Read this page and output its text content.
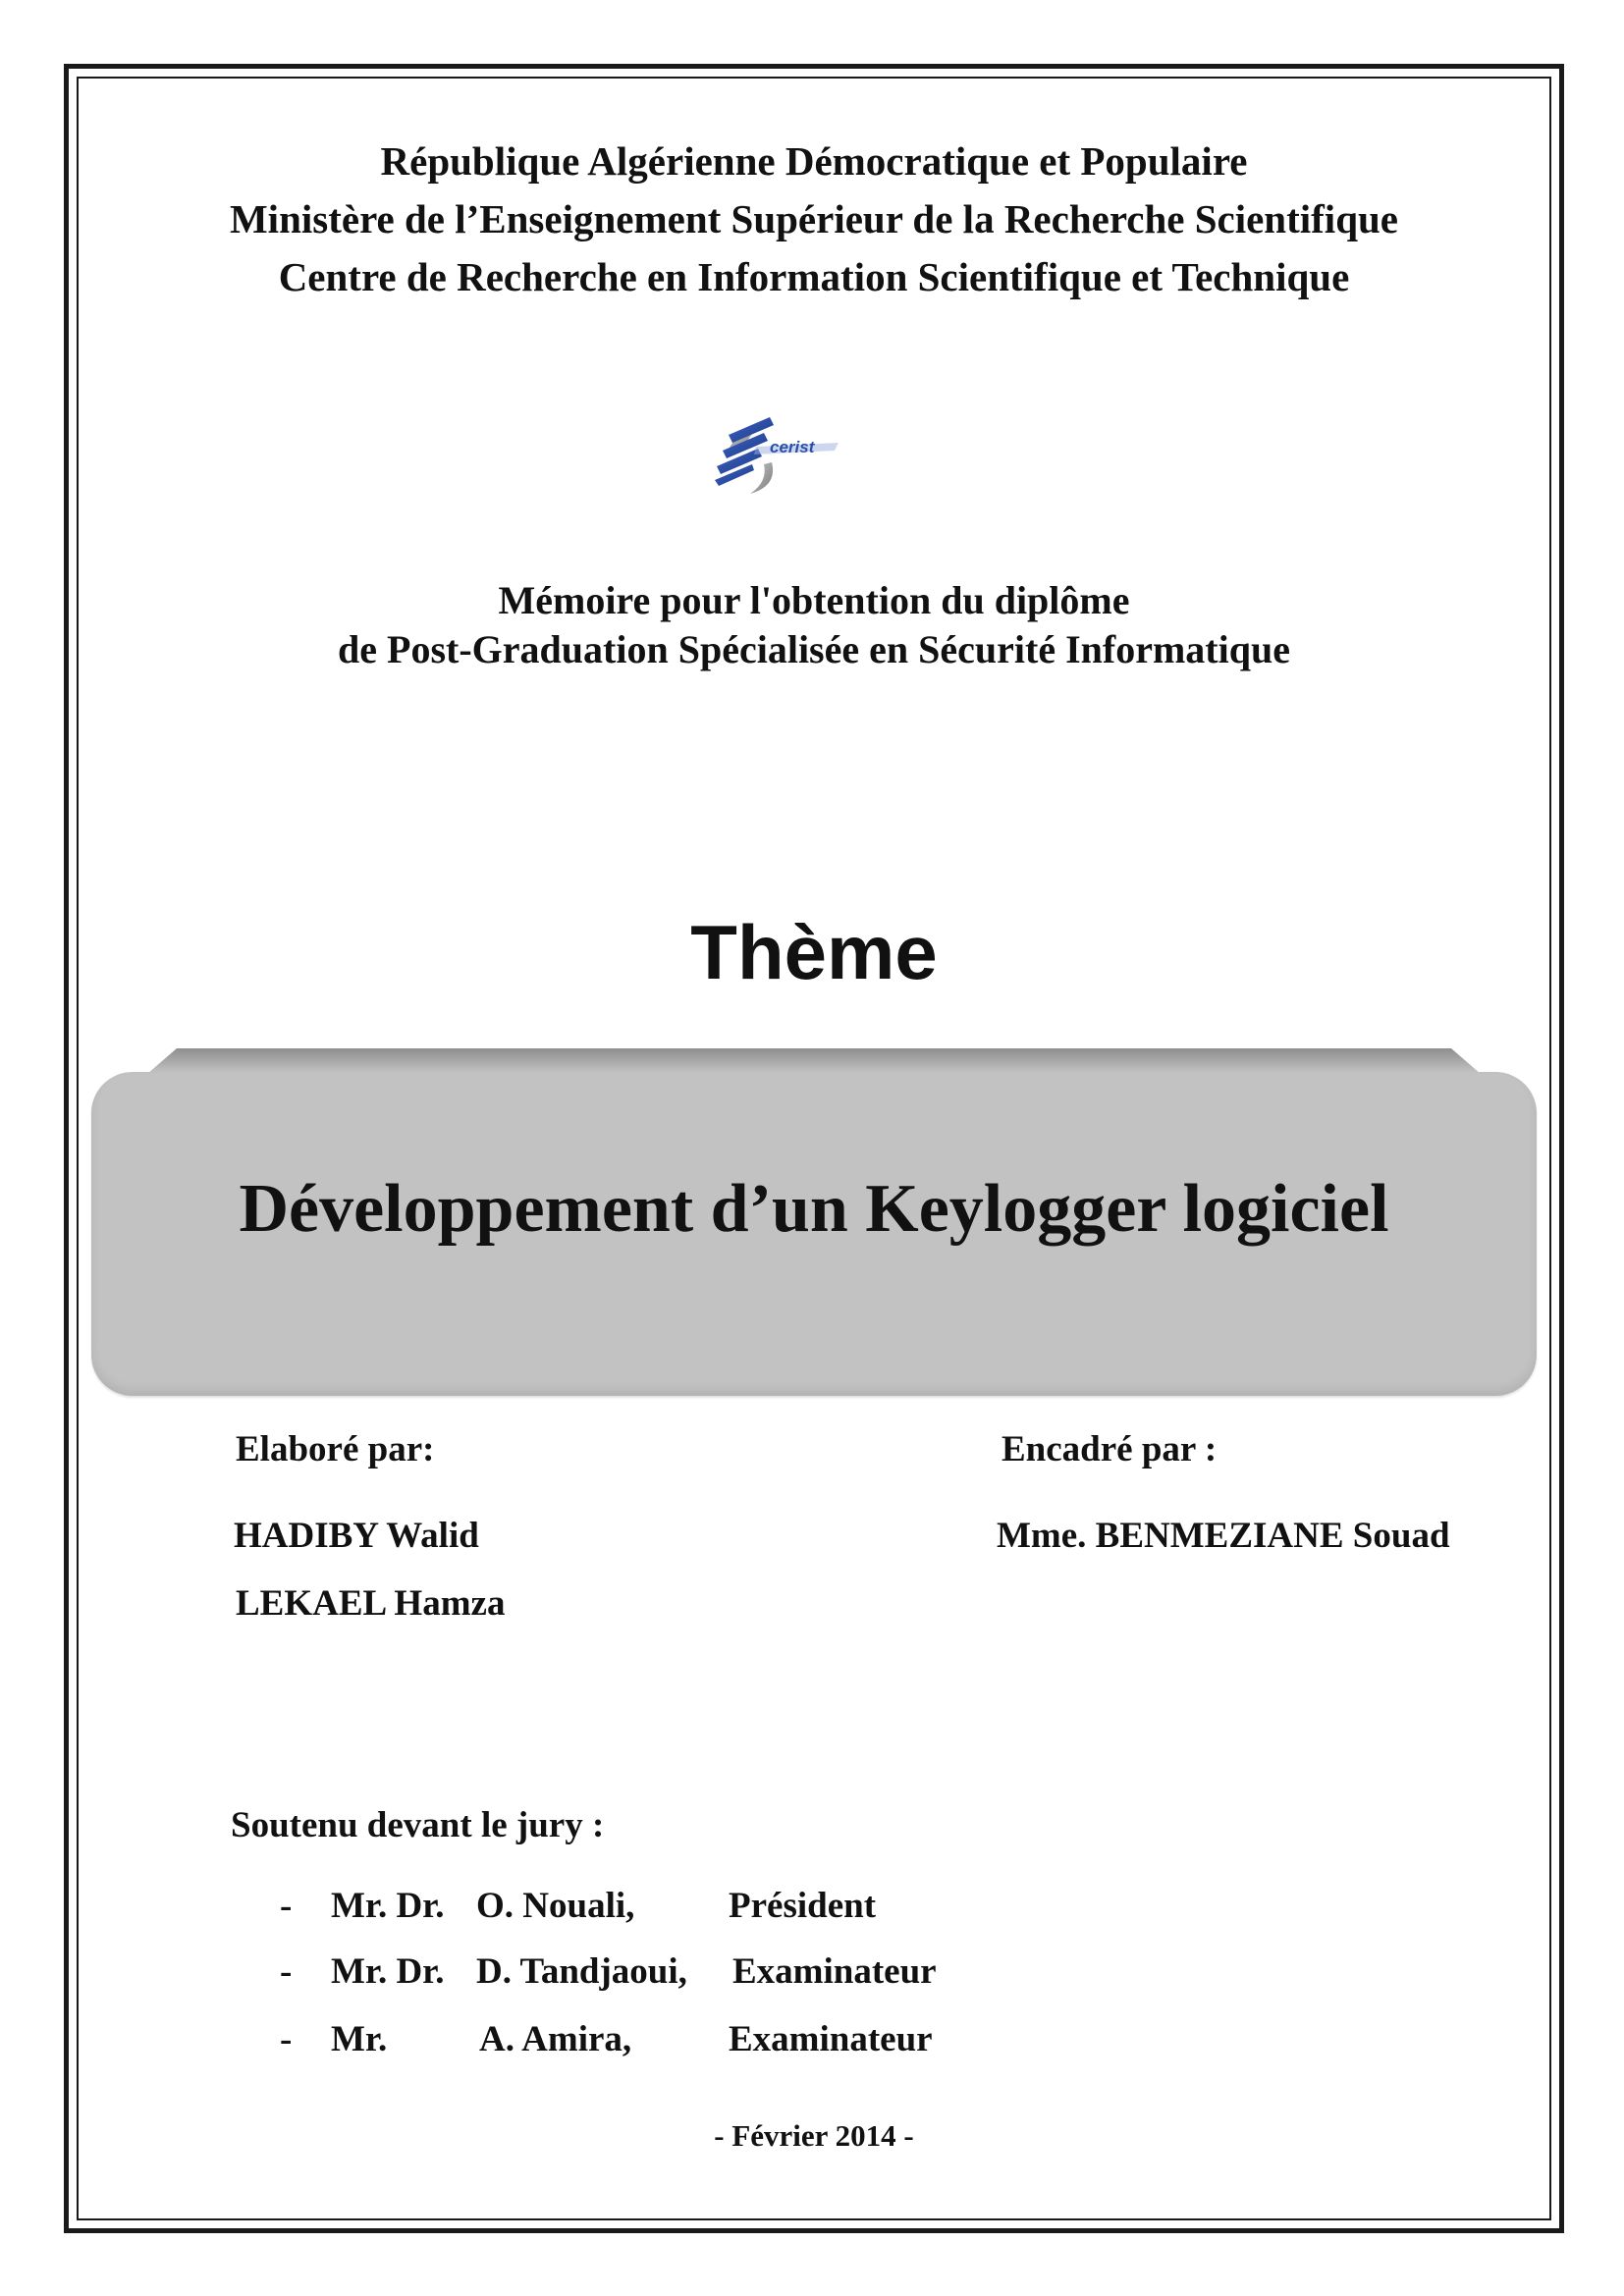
République Algérienne Démocratique et Populaire
Ministère de l’Enseignement Supérieur de la Recherche Scientifique
Centre de Recherche en Information Scientifique et Technique
cerist
Mémoire pour l'obtention du diplôme
de Post-Graduation Spécialisée en Sécurité Informatique
Thème
Développement d’un Keylogger logiciel
Elaboré par:	Encadré par :
HADIBY Walid	Mme. BENMEZIANE Souad
LEKAEL Hamza
Soutenu devant le jury :
- Mr. Dr. O. Nouali,	Président
- Mr. Dr. D. Tandjaoui, Examinateur
- Mr.	A. Amira,	Examinateur
- Février 2014 -
